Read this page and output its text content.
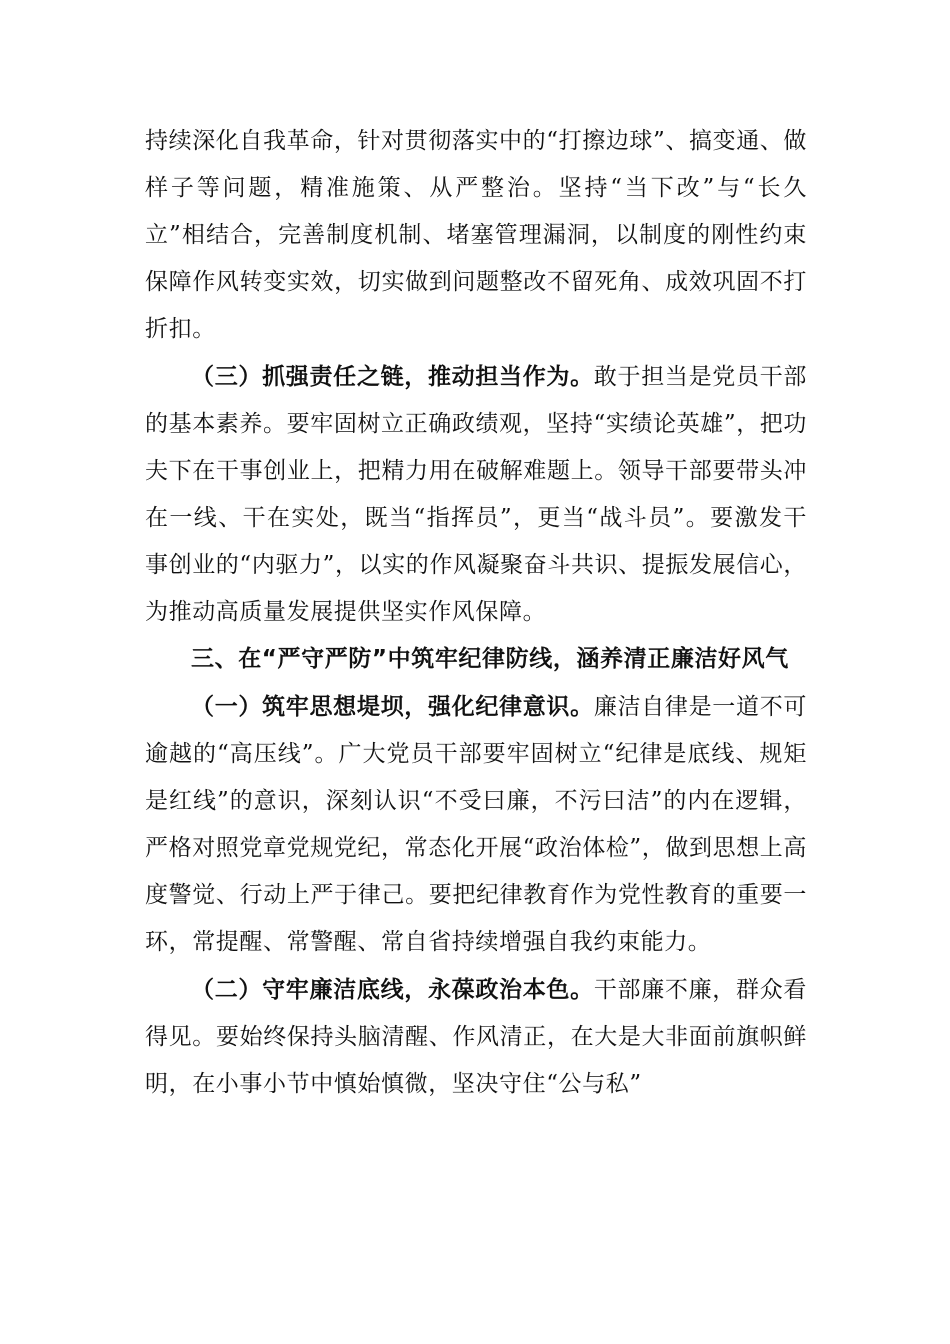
持续深化自我革命，针对贯彻落实中的“打擦边球”、搞变通、做样子等问题，精准施策、从严整治。坚持“当下改”与“长久立”相结合，完善制度机制、堵塞管理漏洞，以制度的刚性约束保障作风转变实效，切实做到问题整改不留死角、成效巩固不打折扣。

（三）抓强责任之链，推动担当作为。敢于担当是党员干部的基本素养。要牢固树立正确政绩观，坚持“实绩论英雄”，把功夫下在干事创业上，把精力用在破解难题上。领导干部要带头冲在一线、干在实处，既当“指挥员”，更当“战斗员”。要激发干事创业的“内驱力”，以实的作风凝聚奋斗共识、提振发展信心，为推动高质量发展提供坚实作风保障。

三、在“严守严防”中筑牢纪律防线，涵养清正廉洁好风气

（一）筑牢思想堤坝，强化纪律意识。廉洁自律是一道不可逾越的“高压线”。广大党员干部要牢固树立“纪律是底线、规矩是红线”的意识，深刻认识“不受曰廉，不污曰洁”的内在逻辑，严格对照党章党规党纪，常态化开展“政治体检”，做到思想上高度警觉、行动上严于律己。要把纪律教育作为党性教育的重要一环，常提醒、常警醒、常自省持续增强自我约束能力。

（二）守牢廉洁底线，永葆政治本色。干部廉不廉，群众看得见。要始终保持头脑清醒、作风清正，在大是大非面前旗帜鲜明，在小事小节中慎始慎微，坚决守住“公与私”
